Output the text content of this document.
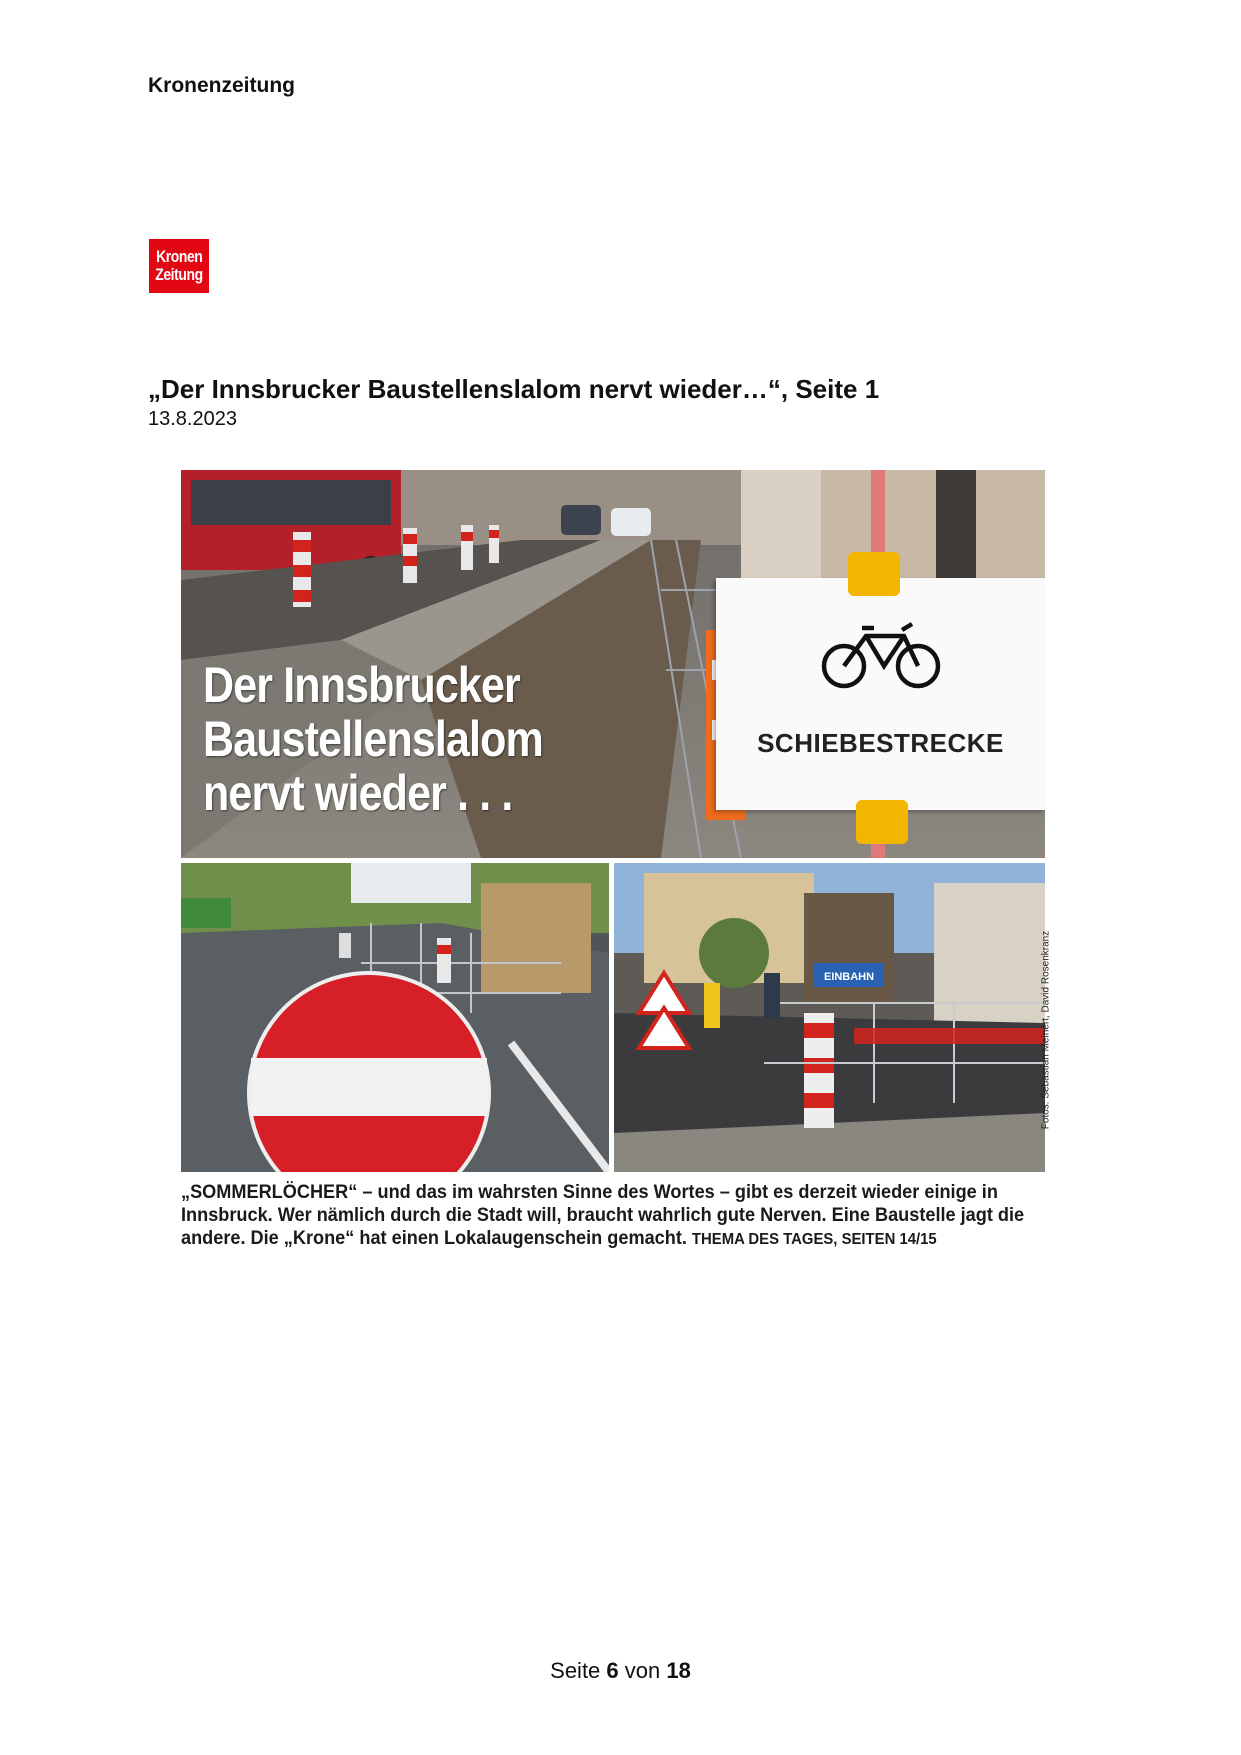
Kronenzeitung
Kronen
Zeitung
„Der Innsbrucker Baustellenslalom nervt wieder…“, Seite 1
13.8.2023
Der Innsbrucker
Baustellenslalom
nervt wieder . . .
SCHIEBESTRECKE
EINBAHN	Fotos: Sebastian Meinert, David Rosenkranz
„SOMMERLÖCHER“ – und das im wahrsten Sinne des Wortes – gibt es derzeit wieder einige in Innsbruck. Wer nämlich durch die Stadt will, braucht wahrlich gute Nerven. Eine Baustelle jagt die andere. Die „Krone“ hat einen Lokalaugenschein gemacht. THEMA DES TAGES, SEITEN 14/15
Seite 6 von 18
